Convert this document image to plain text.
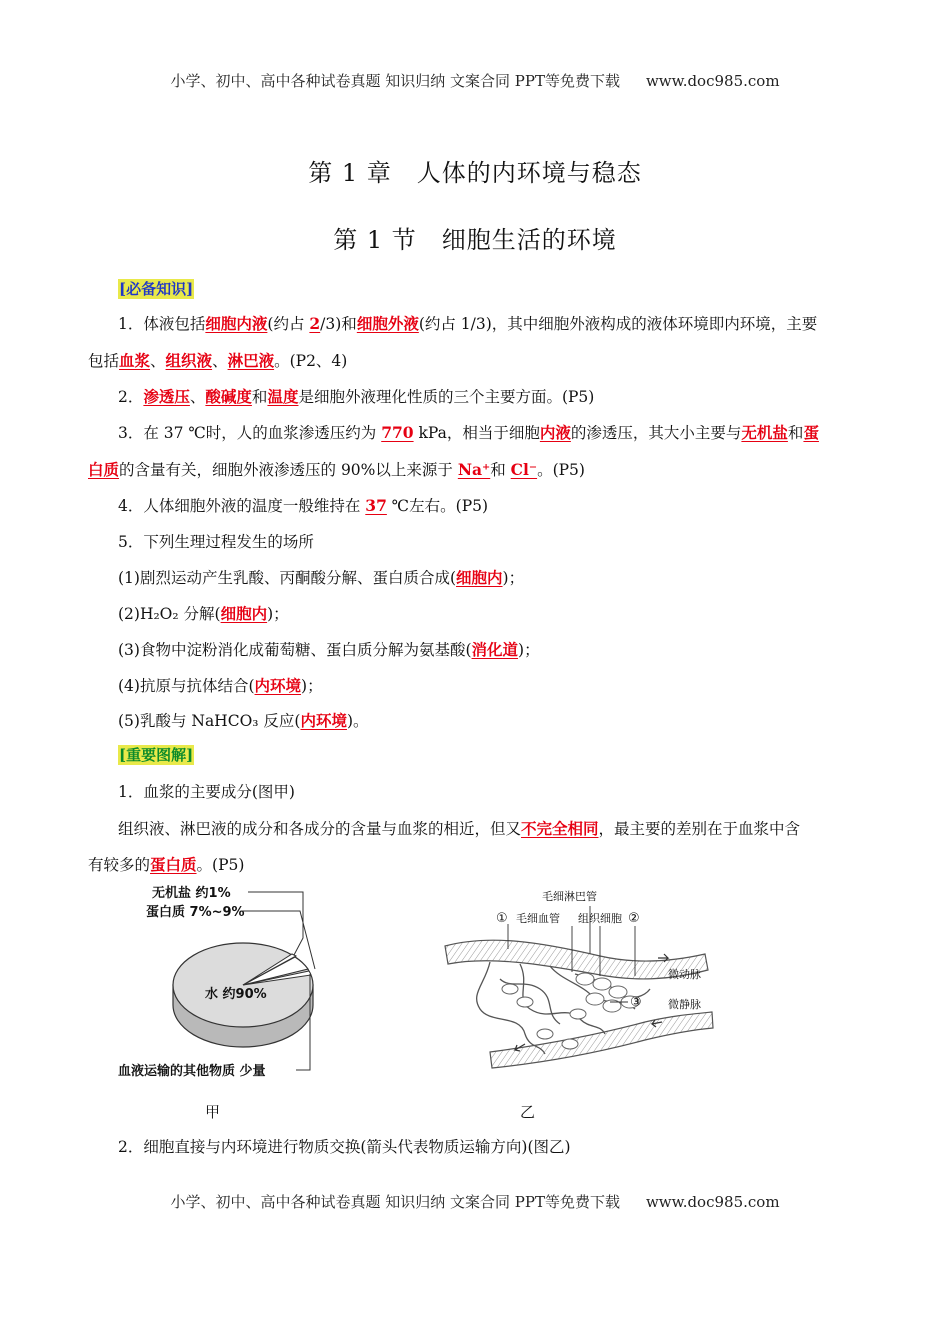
小学、初中、高中各种试卷真题 知识归纳 文案合同 PPT等免费下载 www.doc985.com
第 1 章　人体的内环境与稳态
第 1 节　细胞生活的环境
[必备知识]
1．体液包括细胞内液(约占 2/3)和细胞外液(约占 1/3)，其中细胞外液构成的液体环境即内环境，主要
包括血浆、组织液、淋巴液。(P2、4)
2．渗透压、酸碱度和温度是细胞外液理化性质的三个主要方面。(P5)
3．在 37 ℃时，人的血浆渗透压约为 770 kPa，相当于细胞内液的渗透压，其大小主要与无机盐和蛋
白质的含量有关，细胞外液渗透压的 90%以上来源于 Na⁺和 Cl⁻。(P5)
4．人体细胞外液的温度一般维持在 37 ℃左右。(P5)
5．下列生理过程发生的场所
(1)剧烈运动产生乳酸、丙酮酸分解、蛋白质合成(细胞内)；
(2)H₂O₂ 分解(细胞内)；
(3)食物中淀粉消化成葡萄糖、蛋白质分解为氨基酸(消化道)；
(4)抗原与抗体结合(内环境)；
(5)乳酸与 NaHCO₃ 反应(内环境)。
[重要图解]
1．血浆的主要成分(图甲)
组织液、淋巴液的成分和各成分的含量与血浆的相近，但又不完全相同，最主要的差别在于血浆中含
有较多的蛋白质。(P5)
水 约90%
无机盐 约1%
蛋白质 7%~9%
血液运输的其他物质 少量
甲
毛细淋巴管
① 毛细血管 组织细胞 ②
③
微动脉
微静脉
乙
2．细胞直接与内环境进行物质交换(箭头代表物质运输方向)(图乙)
小学、初中、高中各种试卷真题 知识归纳 文案合同 PPT等免费下载 www.doc985.com
